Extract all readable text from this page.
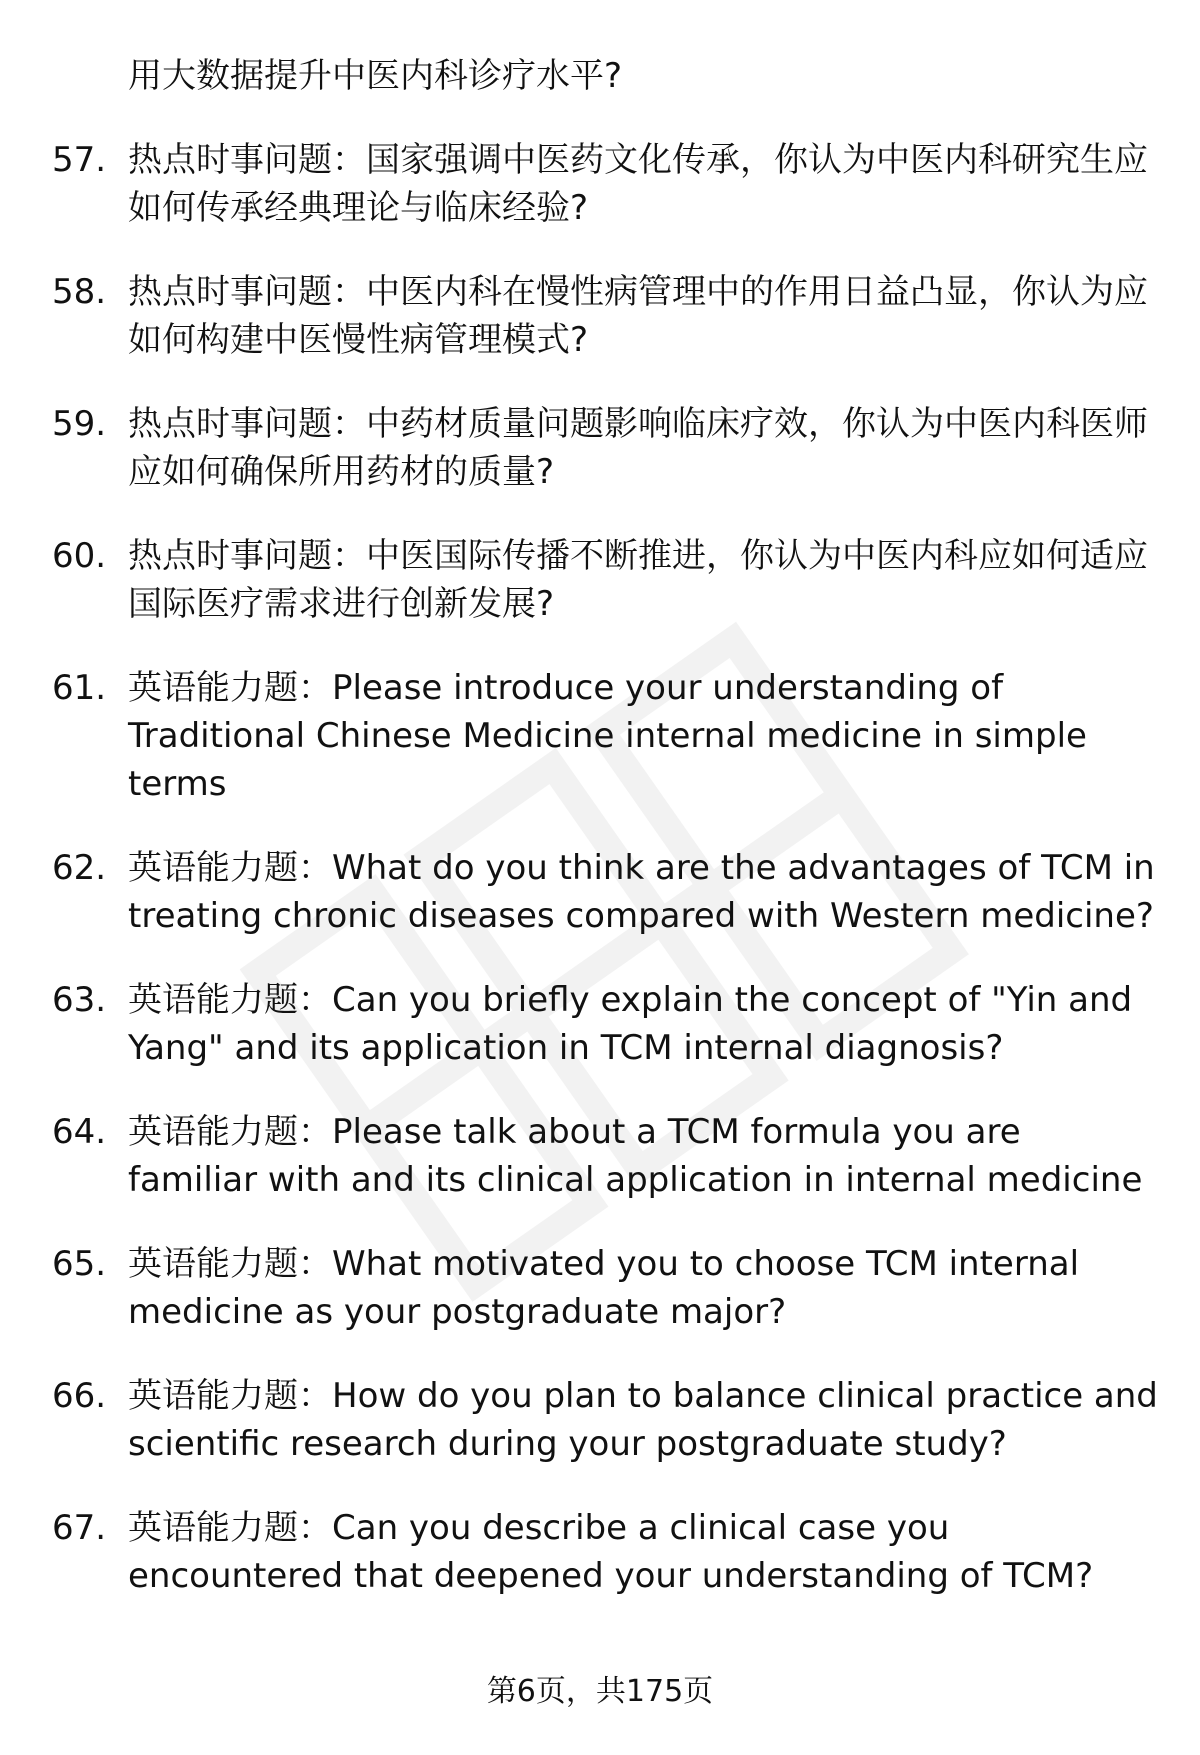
用大数据提升中医内科诊疗水平?
57. 热点时事问题：国家强调中医药文化传承，你认为中医内科研究生应如何传承经典理论与临床经验?
58. 热点时事问题：中医内科在慢性病管理中的作用日益凸显，你认为应如何构建中医慢性病管理模式?
59. 热点时事问题：中药材质量问题影响临床疗效，你认为中医内科医师应如何确保所用药材的质量?
60. 热点时事问题：中医国际传播不断推进，你认为中医内科应如何适应国际医疗需求进行创新发展?
61. 英语能力题：Please introduce your understanding of Traditional Chinese Medicine internal medicine in simple terms
62. 英语能力题：What do you think are the advantages of TCM in treating chronic diseases compared with Western medicine?
63. 英语能力题：Can you briefly explain the concept of "Yin and Yang" and its application in TCM internal diagnosis?
64. 英语能力题：Please talk about a TCM formula you are familiar with and its clinical application in internal medicine
65. 英语能力题：What motivated you to choose TCM internal medicine as your postgraduate major?
66. 英语能力题：How do you plan to balance clinical practice and scientific research during your postgraduate study?
67. 英语能力题：Can you describe a clinical case you encountered that deepened your understanding of TCM?
第6页，共175页
